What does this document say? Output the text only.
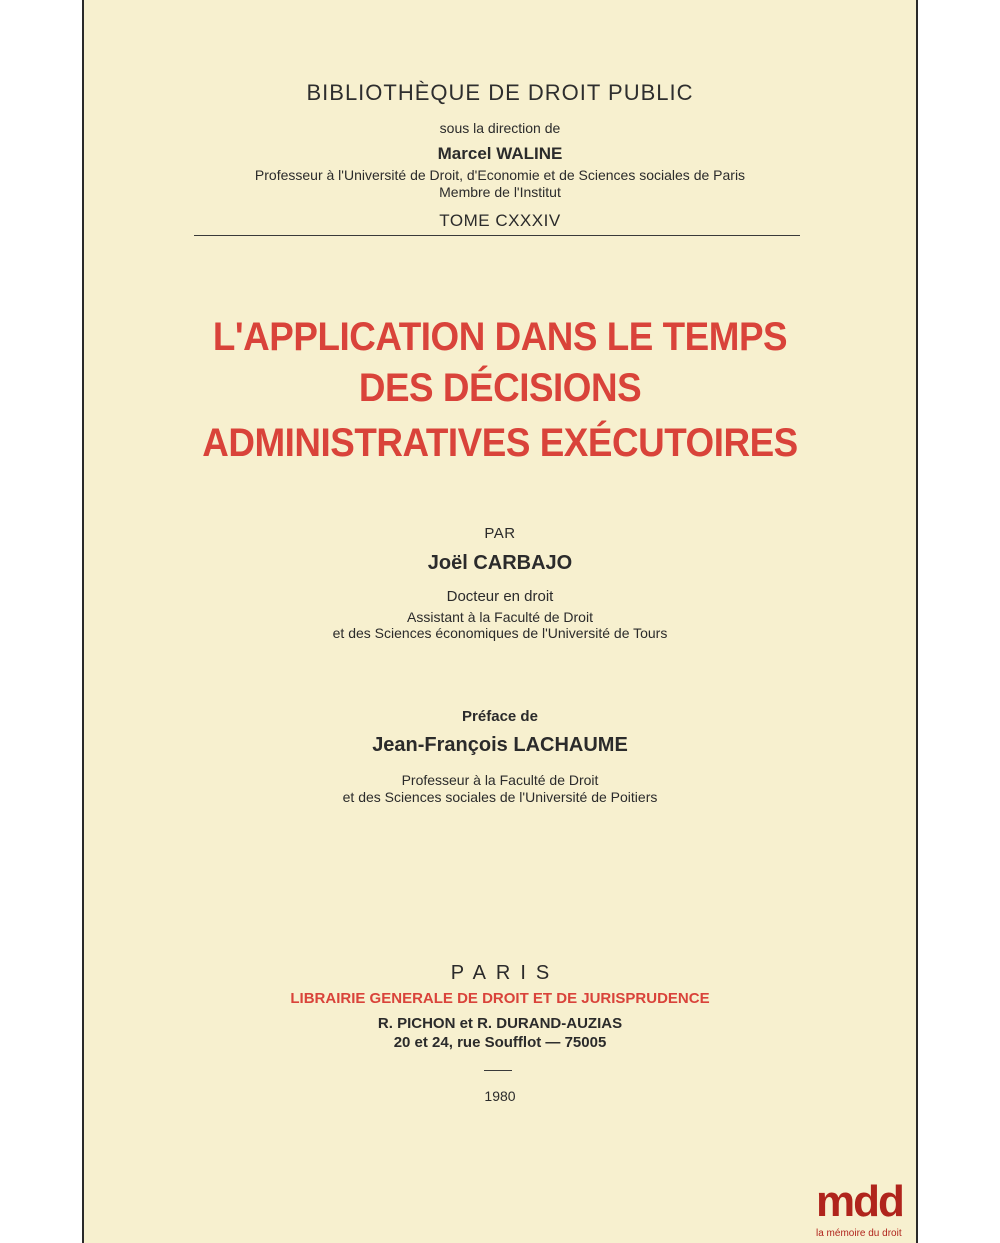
BIBLIOTHÈQUE DE DROIT PUBLIC
sous la direction de
Marcel WALINE
Professeur à l'Université de Droit, d'Economie et de Sciences sociales de Paris
Membre de l'Institut
TOME CXXXIV
L'APPLICATION DANS LE TEMPS
DES DÉCISIONS
ADMINISTRATIVES EXÉCUTOIRES
PAR
Joël CARBAJO
Docteur en droit
Assistant à la Faculté de Droit
et des Sciences économiques de l'Université de Tours
Préface de
Jean-François LACHAUME
Professeur à la Faculté de Droit
et des Sciences sociales de l'Université de Poitiers
PARIS
LIBRAIRIE GENERALE DE DROIT ET DE JURISPRUDENCE
R. PICHON et R. DURAND-AUZIAS
20 et 24, rue Soufflot — 75005
1980
mdd
la mémoire du droit
